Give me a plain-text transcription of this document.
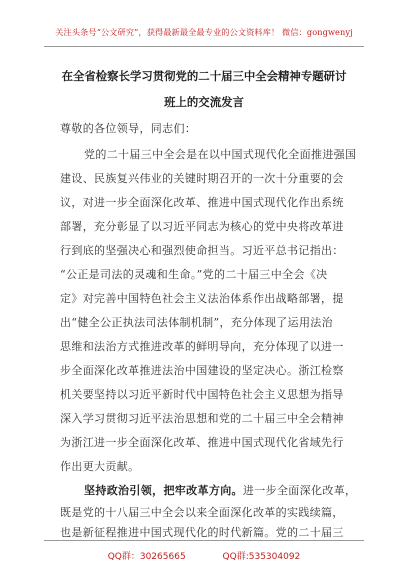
关注头条号“公文研究”，获得最新最全最专业的公文资料库！ 微信：gongwenyj
在全省检察长学习贯彻党的二十届三中全会精神专题研讨
班上的交流发言
尊敬的各位领导，同志们：
党的二十届三中全会是在以中国式现代化全面推进强国
建设、民族复兴伟业的关键时期召开的一次十分重要的会
议，对进一步全面深化改革、推进中国式现代化作出系统
部署，充分彰显了以习近平同志为核心的党中央将改革进
行到底的坚强决心和强烈使命担当。习近平总书记指出：
“公正是司法的灵魂和生命。”党的二十届三中全会《决
定》对完善中国特色社会主义法治体系作出战略部署，提
出“健全公正执法司法体制机制”，充分体现了运用法治
思维和法治方式推进改革的鲜明导向，充分体现了以进一
步全面深化改革推进法治中国建设的坚定决心。浙江检察
机关要坚持以习近平新时代中国特色社会主义思想为指导
深入学习贯彻习近平法治思想和党的二十届三中全会精神
为浙江进一步全面深化改革、推进中国式现代化省域先行
作出更大贡献。
坚持政治引领，把牢改革方向。进一步全面深化改革，
既是党的十八届三中全会以来全面深化改革的实践续篇，
QQ群：30265665	QQ群:535304092
也是新征程推进中国式现代化的时代新篇。党的二十届三
